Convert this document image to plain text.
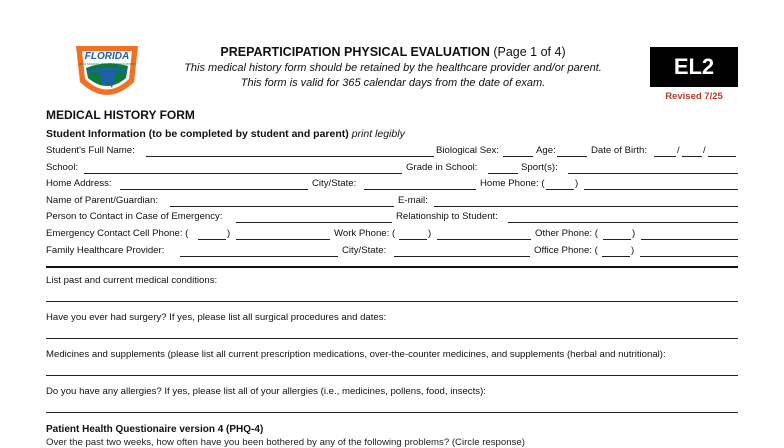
FLORIDA
HIGH SCHOOL ATHLETIC ASSOCIATION
PREPARTICIPATION PHYSICAL EVALUATION (Page 1 of 4)
This medical history form should be retained by the healthcare provider and/or parent.
This form is valid for 365 calendar days from the date of exam.
EL2
Revised 7/25
MEDICAL HISTORY FORM
Student Information (to be completed by student and parent) print legibly
Student's Full Name:	Biological Sex:	Age:	Date of Birth:	/ /
School:	Grade in School:	Sport(s):
Home Address:	City/State:	Home Phone: (	)
Name of Parent/Guardian:	E-mail:
Person to Contact in Case of Emergency:	Relationship to Student:
Emergency Contact Cell Phone: (	)	Work Phone: (	)	Other Phone: (	)
Family Healthcare Provider:	City/State:	Office Phone: (	)
List past and current medical conditions:
Have you ever had surgery? If yes, please list all surgical procedures and dates:
Medicines and supplements (please list all current prescription medications, over-the-counter medicines, and supplements (herbal and nutritional):
Do you have any allergies? If yes, please list all of your allergies (i.e., medicines, pollens, food, insects):
Patient Health Questionaire version 4 (PHQ-4)
Over the past two weeks, how often have you been bothered by any of the following problems? (Circle response)
